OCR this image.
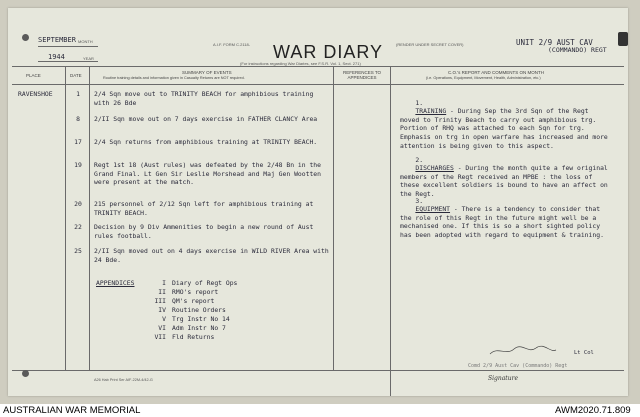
SEPTEMBER MONTH
1944	YEAR
A.I.F. FORM C.2118- WAR DIARY
(For instructions regarding War Diaries, see F.S.R. Vol. 1, Sect. 271)
(RENDER UNDER SECRET COVER)	UNIT 2/9 AUST CAV
(COMMANDO) REGT
PLACE	DATE
SUMMARY OF EVENTS
Routine training details and information given in Casualty Returns are NOT required.
REFERENCES TO APPENDICES
C.O.'s REPORT AND COMMENTS ON MONTH
(i.e. Operations, Equipment, Movement, Health, Administration, etc.)
RAVENSHOE	1	2/4 Sqn move out to TRINITY BEACH for amphibious training with 26 Bde
8	2/II Sqn move out on 7 days exercise in FATHER CLANCY Area
17	2/4 Sqn returns from amphibious training at TRINITY BEACH.
19	Regt 1st 18 (Aust rules) was defeated by the 2/48 Bn in the Grand Final. Lt Gen Sir Leslie Morshead and Maj Gen Wootten were present at the match.
20	215 personnel of 2/12 Sqn left for amphibious training at TRINITY BEACH.
22	Decision by 9 Div Ammenities to begin a new round of Aust rules football.
25	2/II Sqn moved out on 4 days exercise in WILD RIVER Area with 24 Bde.
APPENDICES	I Diary of Regt Ops
II RMO's report
III QM's report
IV Routine Orders
V Trg Instr No 14
VI Adm Instr No 7
VII Fld Returns

1.
TRAINING - During Sep the 3rd Sqn of the Regt moved to Trinity Beach to carry out amphibious trg. Portion of RHQ was attached to each Sqn for trg. Emphasis on trg in open warfare has increased and more attention is being given to this aspect.

2.
DISCHARGES - During the month quite a few original members of the Regt received an MPBE : the loss of these excellent soldiers is bound to have an affect on the Regt.

3.
EQUIPMENT - There is a tendency to consider that the role of this Regt in the future might well be a mechanised one. If this is so a short sighted policy has been adopted with regard to equipment & training.

Lt Col
Comd 2/9 Aust Cav (Commando) Regt
Signature
A26 Hab Print Ser AIF-22M-4/42-G
AUSTRALIAN WAR MEMORIAL	AWM2020.71.809
